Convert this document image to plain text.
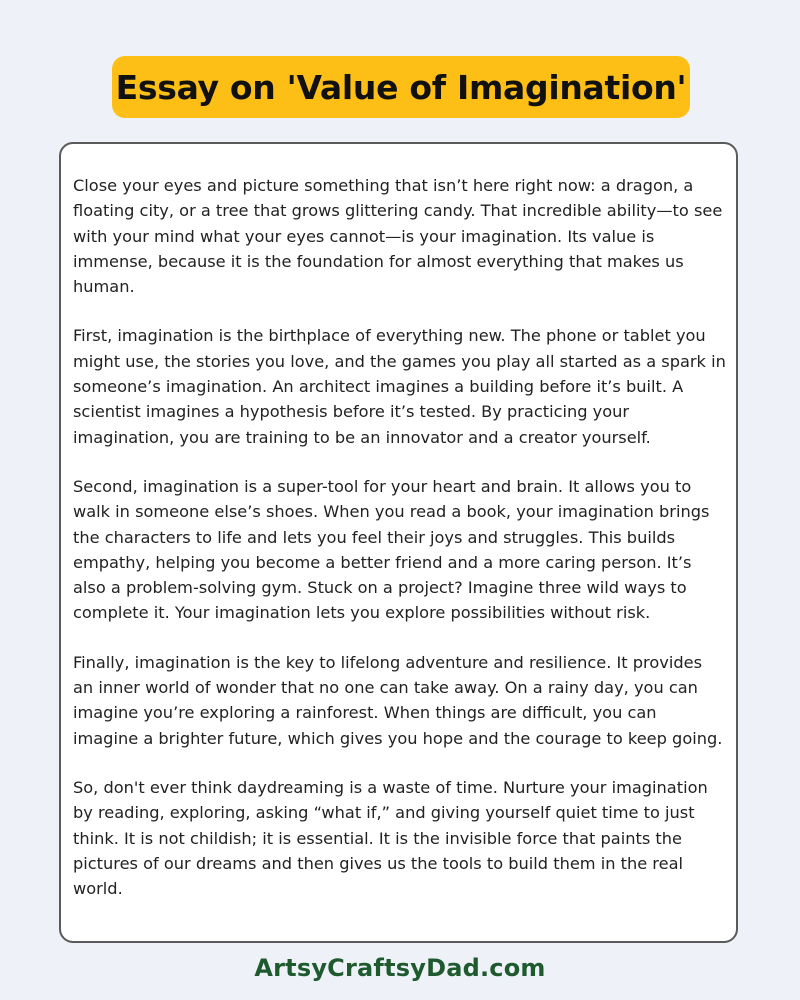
Essay on 'Value of Imagination'

Close your eyes and picture something that isn’t here right now: a dragon, a floating city, or a tree that grows glittering candy. That incredible ability—to see with your mind what your eyes cannot—is your imagination. Its value is immense, because it is the foundation for almost everything that makes us human.

First, imagination is the birthplace of everything new. The phone or tablet you might use, the stories you love, and the games you play all started as a spark in someone’s imagination. An architect imagines a building before it’s built. A scientist imagines a hypothesis before it’s tested. By practicing your imagination, you are training to be an innovator and a creator yourself.

Second, imagination is a super-tool for your heart and brain. It allows you to walk in someone else’s shoes. When you read a book, your imagination brings the characters to life and lets you feel their joys and struggles. This builds empathy, helping you become a better friend and a more caring person. It’s also a problem-solving gym. Stuck on a project? Imagine three wild ways to complete it. Your imagination lets you explore possibilities without risk.

Finally, imagination is the key to lifelong adventure and resilience. It provides an inner world of wonder that no one can take away. On a rainy day, you can imagine you’re exploring a rainforest. When things are difficult, you can imagine a brighter future, which gives you hope and the courage to keep going.

So, don't ever think daydreaming is a waste of time. Nurture your imagination by reading, exploring, asking “what if,” and giving yourself quiet time to just think. It is not childish; it is essential. It is the invisible force that paints the pictures of our dreams and then gives us the tools to build them in the real world.

ArtsyCraftsyDad.com
